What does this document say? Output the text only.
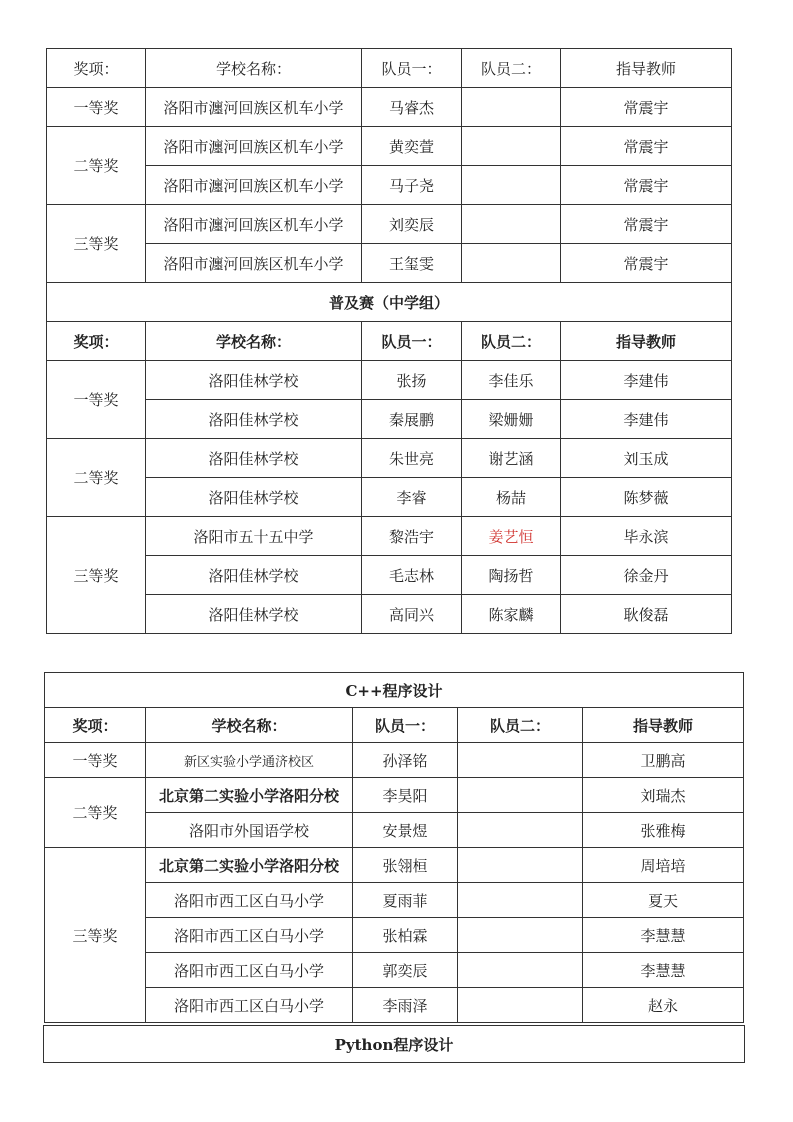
奖项：	学校名称：	队员一：	队员二：	指导教师
一等奖	洛阳市瀍河回族区机车小学	马睿杰		常震宇
二等奖	洛阳市瀍河回族区机车小学	黄奕萱		常震宇
	洛阳市瀍河回族区机车小学	马子尧		常震宇
三等奖	洛阳市瀍河回族区机车小学	刘奕辰		常震宇
	洛阳市瀍河回族区机车小学	王玺雯		常震宇
普及赛（中学组）				
奖项：	学校名称：	队员一：	队员二：	指导教师
一等奖	洛阳佳林学校	张扬	李佳乐	李建伟
	洛阳佳林学校	秦展鹏	梁姗姗	李建伟
二等奖	洛阳佳林学校	朱世亮	谢艺涵	刘玉成
	洛阳佳林学校	李睿	杨喆	陈梦薇
三等奖	洛阳市五十五中学	黎浩宇	姜艺恒	毕永滨
	洛阳佳林学校	毛志林	陶扬哲	徐金丹
	洛阳佳林学校	高同兴	陈家麟	耿俊磊
C++程序设计				
奖项：	学校名称：	队员一：	队员二：	指导教师
一等奖	新区实验小学通济校区	孙泽铭		卫鹏高
二等奖	北京第二实验小学洛阳分校	李昊阳		刘瑞杰
	洛阳市外国语学校	安景煜		张雅梅
三等奖	北京第二实验小学洛阳分校	张翎桓		周培培
	洛阳市西工区白马小学	夏雨菲		夏天
	洛阳市西工区白马小学	张柏霖		李慧慧
	洛阳市西工区白马小学	郭奕辰		李慧慧
	洛阳市西工区白马小学	李雨泽		赵永
Python程序设计
